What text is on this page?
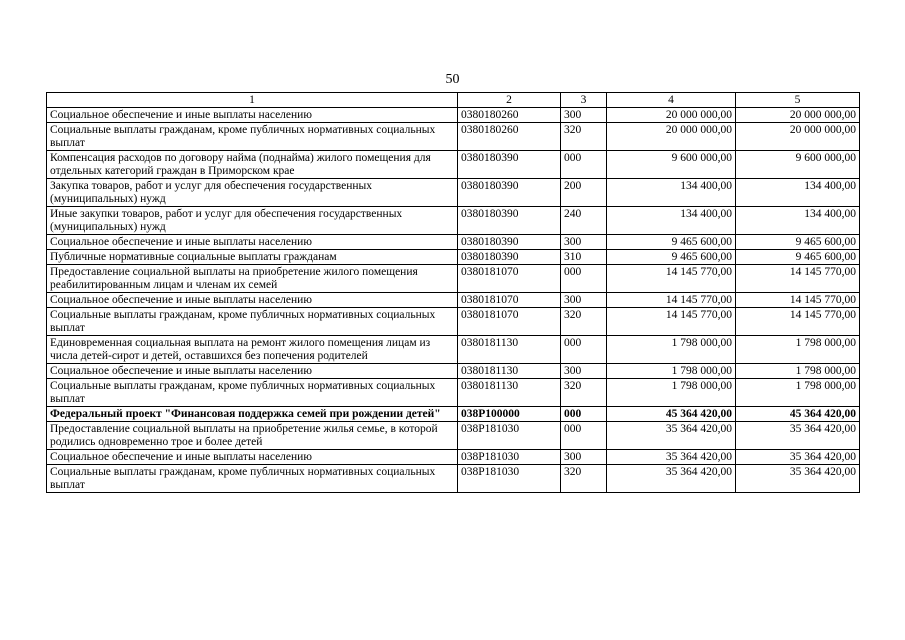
50
1	2	3	4	5
Социальное обеспечение и иные выплаты населению	0380180260	300	20 000 000,00	20 000 000,00
Социальные выплаты гражданам, кроме публичных нормативных социальных выплат	0380180260	320	20 000 000,00	20 000 000,00
Компенсация расходов по договору найма (поднайма) жилого помещения для отдельных категорий граждан в Приморском крае	0380180390	000	9 600 000,00	9 600 000,00
Закупка товаров, работ и услуг для обеспечения государственных (муниципальных) нужд	0380180390	200	134 400,00	134 400,00
Иные закупки товаров, работ и услуг для обеспечения государственных (муниципальных) нужд	0380180390	240	134 400,00	134 400,00
Социальное обеспечение и иные выплаты населению	0380180390	300	9 465 600,00	9 465 600,00
Публичные нормативные социальные выплаты гражданам	0380180390	310	9 465 600,00	9 465 600,00
Предоставление социальной выплаты на приобретение жилого помещения реабилитированным лицам и членам их семей	0380181070	000	14 145 770,00	14 145 770,00
Социальное обеспечение и иные выплаты населению	0380181070	300	14 145 770,00	14 145 770,00
Социальные выплаты гражданам, кроме публичных нормативных социальных выплат	0380181070	320	14 145 770,00	14 145 770,00
Единовременная социальная выплата на ремонт жилого помещения лицам из числа детей-сирот и детей, оставшихся без попечения родителей	0380181130	000	1 798 000,00	1 798 000,00
Социальное обеспечение и иные выплаты населению	0380181130	300	1 798 000,00	1 798 000,00
Социальные выплаты гражданам, кроме публичных нормативных социальных выплат	0380181130	320	1 798 000,00	1 798 000,00
Федеральный проект "Финансовая поддержка семей при рождении детей"	038P100000	000	45 364 420,00	45 364 420,00
Предоставление социальной выплаты на приобретение жилья семье, в которой родились одновременно трое и более детей	038P181030	000	35 364 420,00	35 364 420,00
Социальное обеспечение и иные выплаты населению	038P181030	300	35 364 420,00	35 364 420,00
Социальные выплаты гражданам, кроме публичных нормативных социальных выплат	038P181030	320	35 364 420,00	35 364 420,00
